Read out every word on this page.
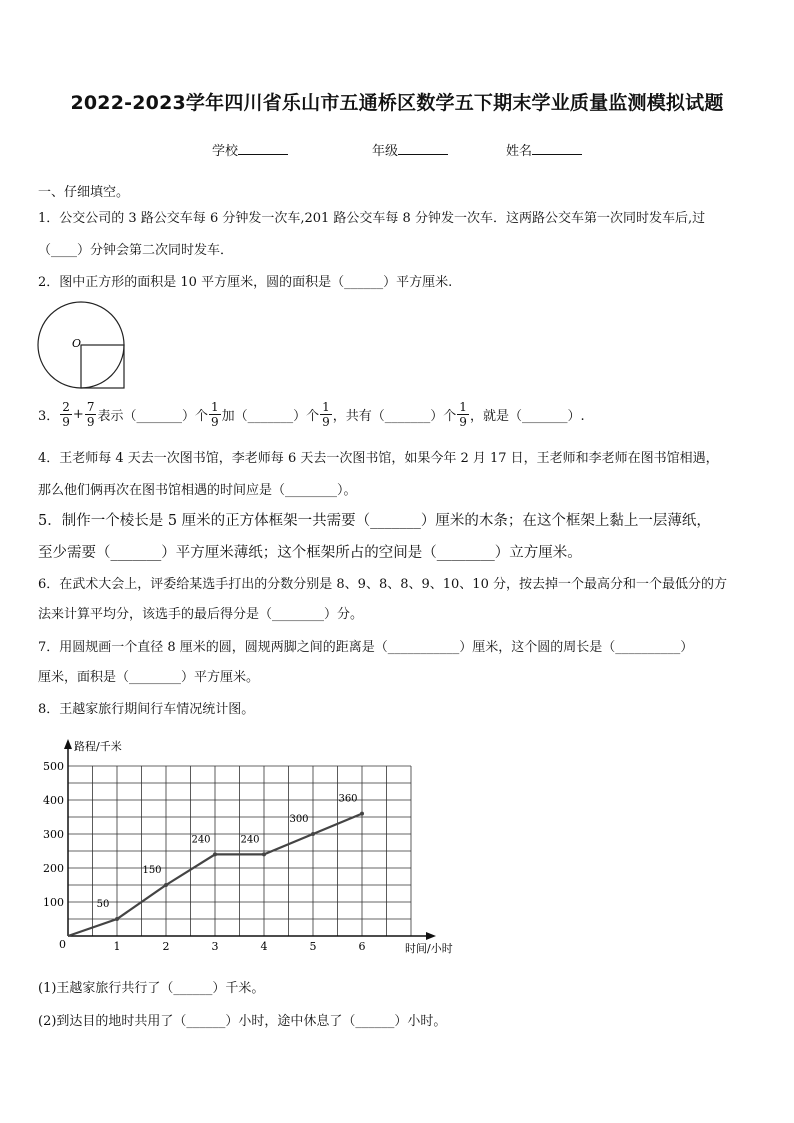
2022-2023学年四川省乐山市五通桥区数学五下期末学业质量监测模拟试题
学校	年级	姓名
一、仔细填空。
1．公交公司的 3 路公交车每 6 分钟发一次车,201 路公交车每 8 分钟发一次车．这两路公交车第一次同时发车后,过
（____）分钟会第二次同时发车．
2．图中正方形的面积是 10 平方厘米，圆的面积是（______）平方厘米.
O
3． $\frac{2}{9} + \frac{7}{9}$ 表示（_______）个 $\frac{1}{9}$ 加（_______）个 $\frac{1}{9}$ ，共有（_______）个 $\frac{1}{9}$ ，就是（_______）.
4．王老师每 4 天去一次图书馆，李老师每 6 天去一次图书馆，如果今年 2 月 17 日，王老师和李老师在图书馆相遇，
那么他们俩再次在图书馆相遇的时间应是（________）。
5．制作一个棱长是 5 厘米的正方体框架一共需要（_______）厘米的木条；在这个框架上黏上一层薄纸，
至少需要（_______）平方厘米薄纸；这个框架所占的空间是（________）立方厘米。
6．在武术大会上，评委给某选手打出的分数分别是 8、9、8、8、9、10、10 分，按去掉一个最高分和一个最低分的方
法来计算平均分，该选手的最后得分是（________）分。
7．用圆规画一个直径 8 厘米的圆，圆规两脚之间的距离是（___________）厘米，这个圆的周长是（__________）
厘米，面积是（________）平方厘米。
8．王越家旅行期间行车情况统计图。
路程/千米
时间/小时
0
100
200
300
400
500
1	2	3	4	5	6
50
150
240	240
300
360
(1)王越家旅行共行了（______）千米。
(2)到达目的地时共用了（______）小时，途中休息了（______）小时。
